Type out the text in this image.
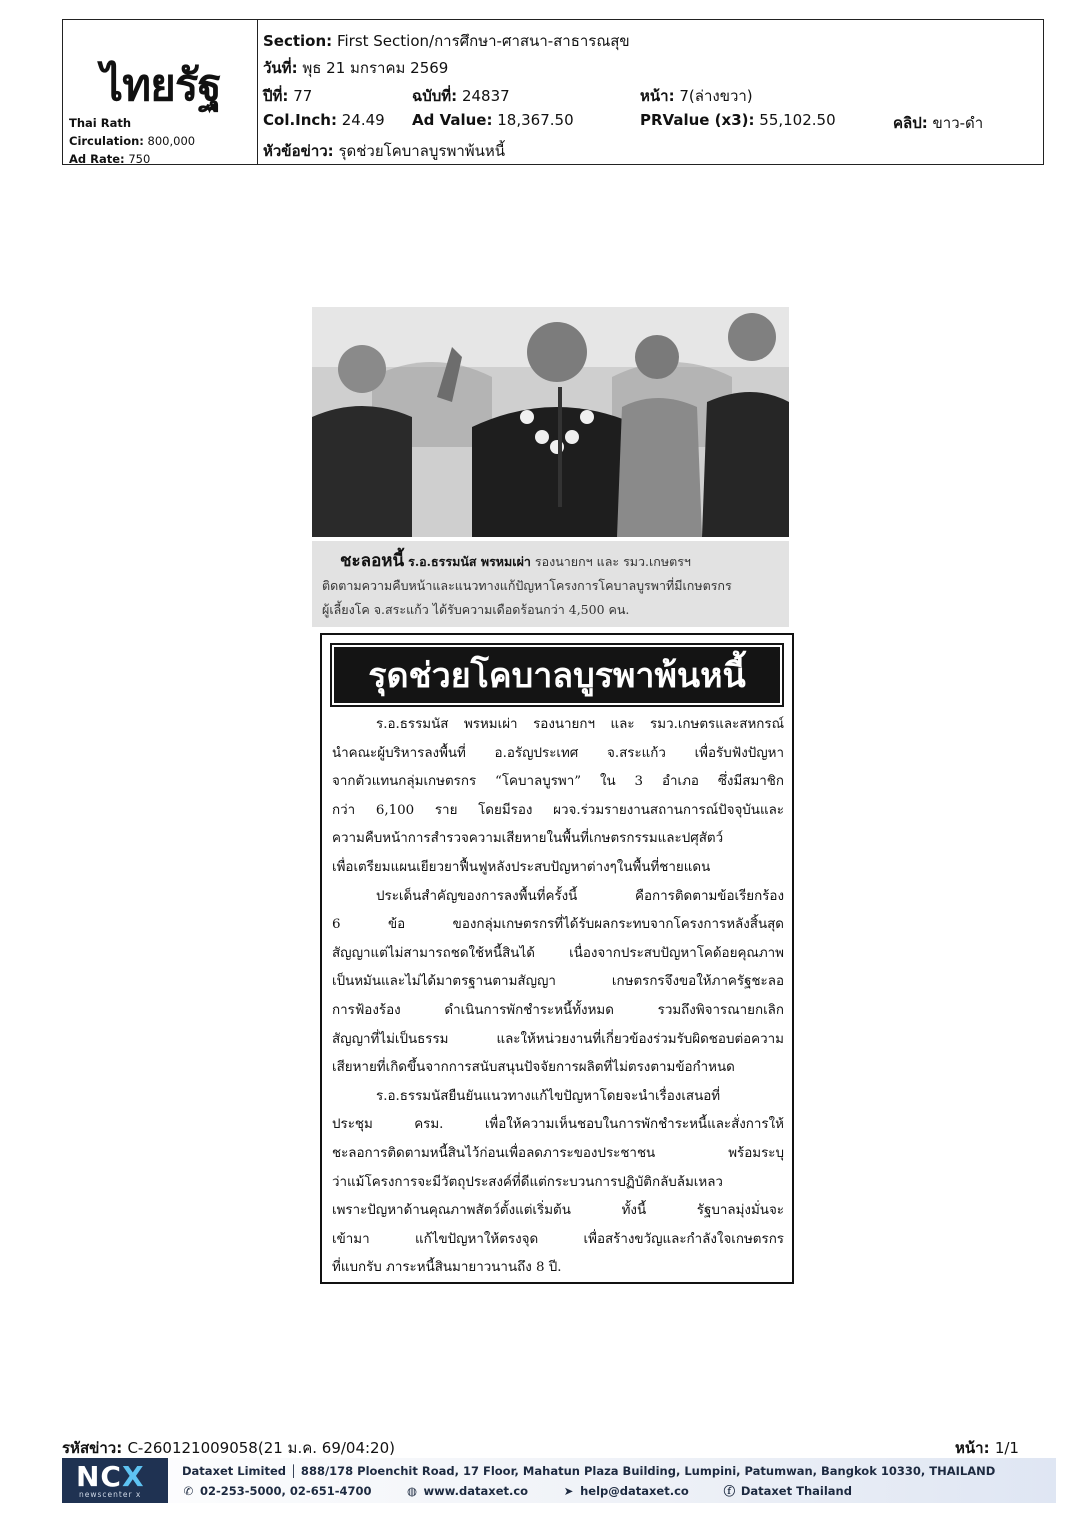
ไทยรัฐ
Thai Rath
Circulation: 800,000
Ad Rate: 750
Section: First Section/การศึกษา-ศาสนา-สาธารณสุข
วันที่: พุธ 21 มกราคม 2569
ปีที่: 77	ฉบับที่: 24837	หน้า: 7(ล่างขวา)
Col.Inch: 24.49 Ad Value: 18,367.50	PRValue (x3): 55,102.50	คลิป: ขาว-ดำ
หัวข้อข่าว: รุดช่วยโคบาลบูรพาพ้นหนี้
ชะลอหนี้ ร.อ.ธรรมนัส พรหมเผ่า รองนายกฯ และ รมว.เกษตรฯ
ติดตามความคืบหน้าและแนวทางแก้ปัญหาโครงการโคบาลบูรพาที่มีเกษตรกร
ผู้เลี้ยงโค จ.สระแก้ว ได้รับความเดือดร้อนกว่า 4,500 คน.
รุดช่วยโคบาลบูรพาพ้นหนี้
ร.อ.ธรรมนัส พรหมเผ่า รองนายกฯ และ รมว.เกษตรและสหกรณ์
นำคณะผู้บริหารลงพื้นที่ อ.อรัญประเทศ จ.สระแก้ว เพื่อรับฟังปัญหา
จากตัวแทนกลุ่มเกษตรกร “โคบาลบูรพา” ใน 3 อำเภอ ซึ่งมีสมาชิก
กว่า 6,100 ราย โดยมีรอง ผวจ.ร่วมรายงานสถานการณ์ปัจจุบันและ
ความคืบหน้าการสำรวจความเสียหายในพื้นที่เกษตรกรรมและปศุสัตว์
เพื่อเตรียมแผนเยียวยาฟื้นฟูหลังประสบปัญหาต่างๆในพื้นที่ชายแดน
ประเด็นสำคัญของการลงพื้นที่ครั้งนี้ คือการติดตามข้อเรียกร้อง
6 ข้อ ของกลุ่มเกษตรกรที่ได้รับผลกระทบจากโครงการหลังสิ้นสุด
สัญญาแต่ไม่สามารถชดใช้หนี้สินได้ เนื่องจากประสบปัญหาโคด้อยคุณภาพ
เป็นหมันและไม่ได้มาตรฐานตามสัญญา เกษตรกรจึงขอให้ภาครัฐชะลอ
การฟ้องร้อง ดำเนินการพักชำระหนี้ทั้งหมด รวมถึงพิจารณายกเลิก
สัญญาที่ไม่เป็นธรรม และให้หน่วยงานที่เกี่ยวข้องร่วมรับผิดชอบต่อความ
เสียหายที่เกิดขึ้นจากการสนับสนุนปัจจัยการผลิตที่ไม่ตรงตามข้อกำหนด
ร.อ.ธรรมนัสยืนยันแนวทางแก้ไขปัญหาโดยจะนำเรื่องเสนอที่
ประชุม ครม. เพื่อให้ความเห็นชอบในการพักชำระหนี้และสั่งการให้
ชะลอการติดตามหนี้สินไว้ก่อนเพื่อลดภาระของประชาชน พร้อมระบุ
ว่าแม้โครงการจะมีวัตถุประสงค์ที่ดีแต่กระบวนการปฏิบัติกลับล้มเหลว
เพราะปัญหาด้านคุณภาพสัตว์ตั้งแต่เริ่มต้น ทั้งนี้ รัฐบาลมุ่งมั่นจะ
เข้ามา แก้ไขปัญหาให้ตรงจุด เพื่อสร้างขวัญและกำลังใจเกษตรกร
ที่แบกรับ ภาระหนี้สินมายาวนานถึง 8 ปี.
รหัสข่าว: C-260121009058(21 ม.ค. 69/04:20)	หน้า: 1/1
NCX
newscenter x
Dataxet Limited │ 888/178 Ploenchit Road, 17 Floor, Mahatun Plaza Building, Lumpini, Patumwan, Bangkok 10330, THAILAND
✆ 02-253-5000, 02-651-4700	◍ www.dataxet.co	➤ help@dataxet.co	ⓕ Dataxet Thailand
